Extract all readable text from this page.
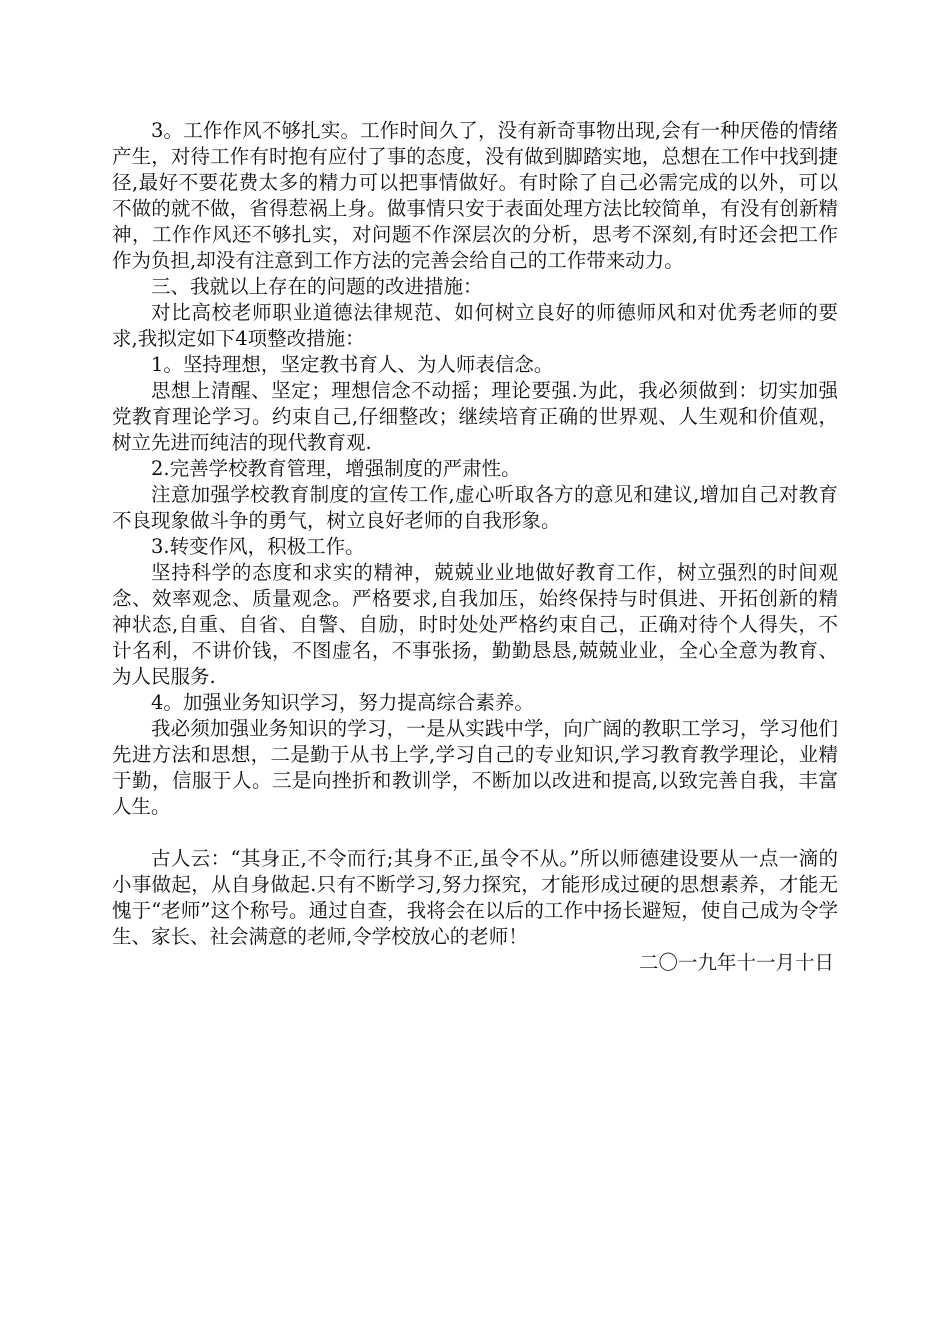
3。工作作风不够扎实。工作时间久了，没有新奇事物出现,会有一种厌倦的情绪产生，对待工作有时抱有应付了事的态度，没有做到脚踏实地，总想在工作中找到捷径,最好不要花费太多的精力可以把事情做好。有时除了自己必需完成的以外，可以不做的就不做，省得惹祸上身。做事情只安于表面处理方法比较简单，有没有创新精神，工作作风还不够扎实，对问题不作深层次的分析，思考不深刻,有时还会把工作作为负担,却没有注意到工作方法的完善会给自己的工作带来动力。

三、我就以上存在的问题的改进措施：

对比高校老师职业道德法律规范、如何树立良好的师德师风和对优秀老师的要求,我拟定如下4项整改措施：

1。坚持理想，坚定教书育人、为人师表信念。

思想上清醒、坚定；理想信念不动摇；理论要强.为此，我必须做到：切实加强党教育理论学习。约束自己,仔细整改；继续培育正确的世界观、人生观和价值观，树立先进而纯洁的现代教育观.

2.完善学校教育管理，增强制度的严肃性。

注意加强学校教育制度的宣传工作,虚心听取各方的意见和建议,增加自己对教育不良现象做斗争的勇气，树立良好老师的自我形象。

3.转变作风，积极工作。

坚持科学的态度和求实的精神，兢兢业业地做好教育工作，树立强烈的时间观念、效率观念、质量观念。严格要求,自我加压，始终保持与时俱进、开拓创新的精神状态,自重、自省、自警、自励，时时处处严格约束自己，正确对待个人得失，不计名利，不讲价钱，不图虚名，不事张扬，勤勤恳恳,兢兢业业，全心全意为教育、为人民服务.

4。加强业务知识学习，努力提高综合素养。

我必须加强业务知识的学习，一是从实践中学，向广阔的教职工学习，学习他们先进方法和思想，二是勤于从书上学,学习自己的专业知识,学习教育教学理论，业精于勤，信服于人。三是向挫折和教训学，不断加以改进和提高,以致完善自我，丰富人生。

古人云：“其身正,不令而行;其身不正,虽令不从。”所以师德建设要从一点一滴的小事做起，从自身做起.只有不断学习,努力探究，才能形成过硬的思想素养，才能无愧于“老师”这个称号。通过自查，我将会在以后的工作中扬长避短，使自己成为令学生、家长、社会满意的老师,令学校放心的老师！

二〇一九年十一月十日
